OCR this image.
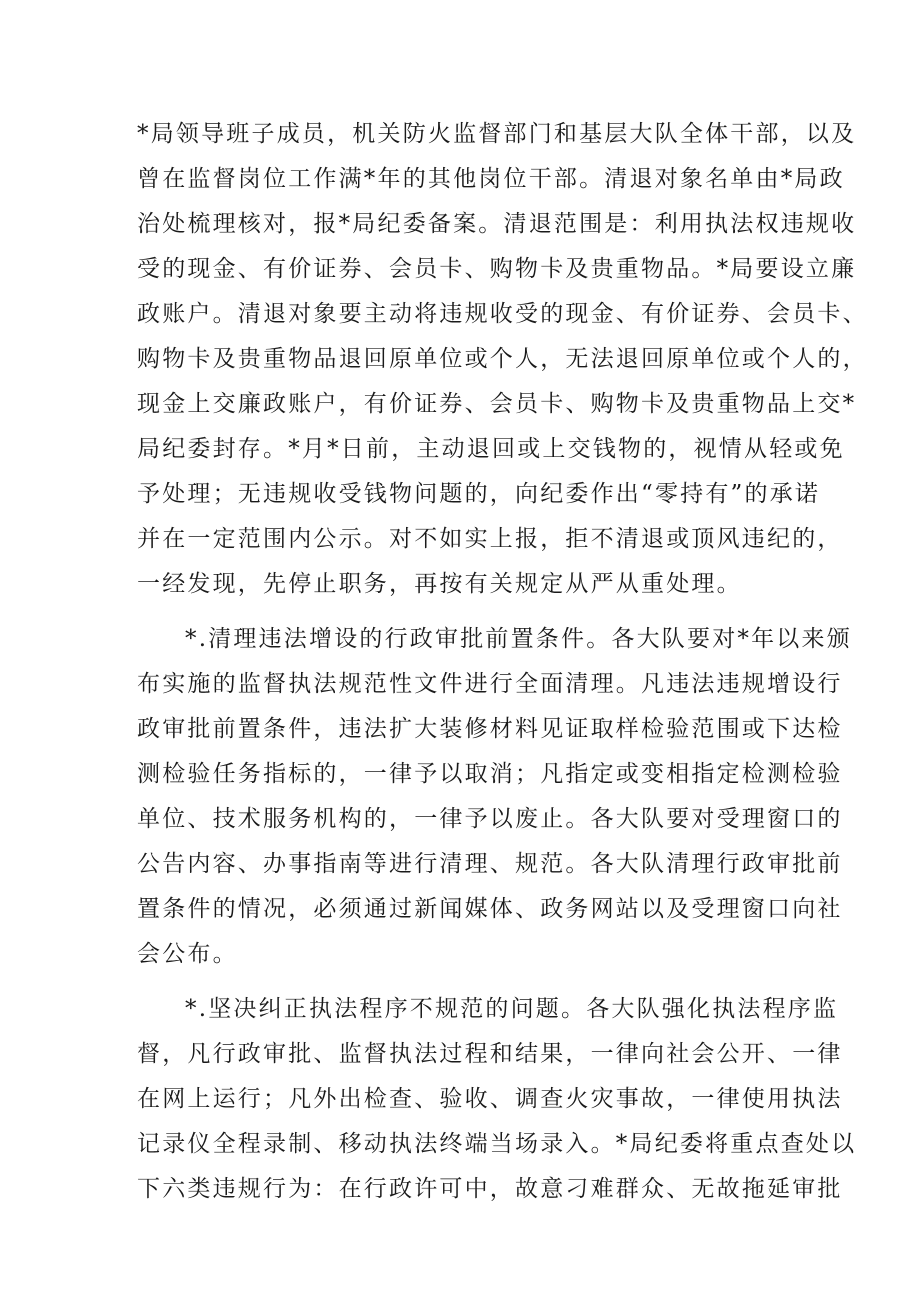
*局领导班子成员，机关防火监督部门和基层大队全体干部，以及
曾在监督岗位工作满*年的其他岗位干部。清退对象名单由*局政
治处梳理核对，报*局纪委备案。清退范围是：利用执法权违规收
受的现金、有价证券、会员卡、购物卡及贵重物品。*局要设立廉
政账户。清退对象要主动将违规收受的现金、有价证券、会员卡、
购物卡及贵重物品退回原单位或个人，无法退回原单位或个人的，
现金上交廉政账户，有价证券、会员卡、购物卡及贵重物品上交*
局纪委封存。*月*日前，主动退回或上交钱物的，视情从轻或免
予处理；无违规收受钱物问题的，向纪委作出“零持有”的承诺
并在一定范围内公示。对不如实上报，拒不清退或顶风违纪的，
一经发现，先停止职务，再按有关规定从严从重处理。
*.清理违法增设的行政审批前置条件。各大队要对*年以来颁
布实施的监督执法规范性文件进行全面清理。凡违法违规增设行
政审批前置条件，违法扩大装修材料见证取样检验范围或下达检
测检验任务指标的，一律予以取消；凡指定或变相指定检测检验
单位、技术服务机构的，一律予以废止。各大队要对受理窗口的
公告内容、办事指南等进行清理、规范。各大队清理行政审批前
置条件的情况，必须通过新闻媒体、政务网站以及受理窗口向社
会公布。
*.坚决纠正执法程序不规范的问题。各大队强化执法程序监
督，凡行政审批、监督执法过程和结果，一律向社会公开、一律
在网上运行；凡外出检查、验收、调查火灾事故，一律使用执法
记录仪全程录制、移动执法终端当场录入。*局纪委将重点查处以
下六类违规行为：在行政许可中，故意刁难群众、无故拖延审批
